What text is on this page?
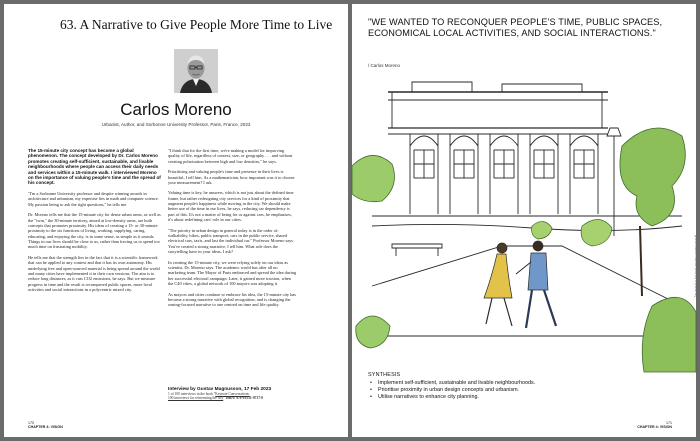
63. A Narrative to Give People More Time to Live
Carlos Moreno
Urbanist, Author, and Sorbonne University Professor, Paris, France, 2023

The 15-minute city concept has become a global phenomenon. The concept developed by Dr. Carlos Moreno promotes creating self-sufficient, sustainable, and livable neighbourhoods where people can access their daily needs and services within a 15-minute walk. I interviewed Moreno on the importance of valuing people's time and the spread of his concept.

"I'm a Sorbonne University professor and despite winning awards in architecture and urbanism, my expertise lies in math and computer science. My passion being to ask the right questions," he tells me.

Dr. Moreno tells me that the 15-minute city for dense urban areas, as well as the "twin," the 30-minute territory, aimed at low-density areas, are both concepts that promotes proximity. His ideas of creating a 15- or 30-minute proximity to the six functions of living, working, supplying, caring, educating, and enjoying the city, is in some sense, as simple as it sounds. Things in our lives should be close to us, rather than forcing us to spend too much time on frustrating mobility.

He tells me that the strength lies in the fact that it is a scientific framework that can be applied to any context and that it has its own autonomy. His underlying free and open-sourced material is being spread around the world and many cities have implemented it in their own versions. The aim is to reduce long distances, as it cuts CO2 emissions, he says. But we measure progress in time and the result is reconquered public spaces, more local activities and social interactions in a polycentric mixed city.

"I think that for the first time, we're making a model for improving quality of life, regardless of context, size, or geography . . . and without creating polarisation between high and low densities," he says.

Prioritising and valuing people's time and presence in their lives is beautiful, I tell him. As a mathematician, how important was it to choose your measurement? I ask.

Valuing time is key, he answers, which is not just about the defined time frame, but rather redesigning city services for a kind of proximity that augment people's happiness while moving in the city. We should make better use of the time in our lives, he says, reducing car dependency is part of this. It's not a matter of being for or against cars, he emphasises, it's about redefining cars' role in our cities.

"The priority in urban design in general today is in the order of: walkability, bikes, public transport, cars in the public service, shared electrical cars, taxis, and last the individual car." Professor Moreno says. You've created a strong narrative, I tell him. What role does the storytelling have in your ideas, I ask?

In creating the 15-minute city, we were relying solely on our ideas as scientist, Dr. Moreno says. The academic world has after all no marketing team. The Mayor of Paris embraced and spread the idea during her successful electoral campaign. Later, it gained more traction, when the C40 cities, a global network of 100 mayors was adopting it.

As mayors and cities continue to embrace his idea, the 15-minute city has become a strong narrative with global recognition, and is changing the zoning-focused narrative to one centred on time and life quality.

Interview by Gustav Magnusson, 17 Feb 2023
1 of 100 interviews in the book "Keynote Conversations.
100 interviews for reinventing the city" ISBN: 978-91531-0717-0
170
CHAPTER 4: VISION
"WE WANTED TO RECONQUER PEOPLE'S TIME, PUBLIC SPACES, ECONOMICAL LOCAL ACTIVITIES, AND SOCIAL INTERACTIONS."
/ Carlos Moreno
The artwork in this book has been created using AI.
SYNTHESIS
• Implement self-sufficient, sustainable and livable neighbourhoods.
• Prioritise proximity in urban design concepts and urbanism.
• Utilise narratives to enhance city planning.
171
CHAPTER 4: VISION
